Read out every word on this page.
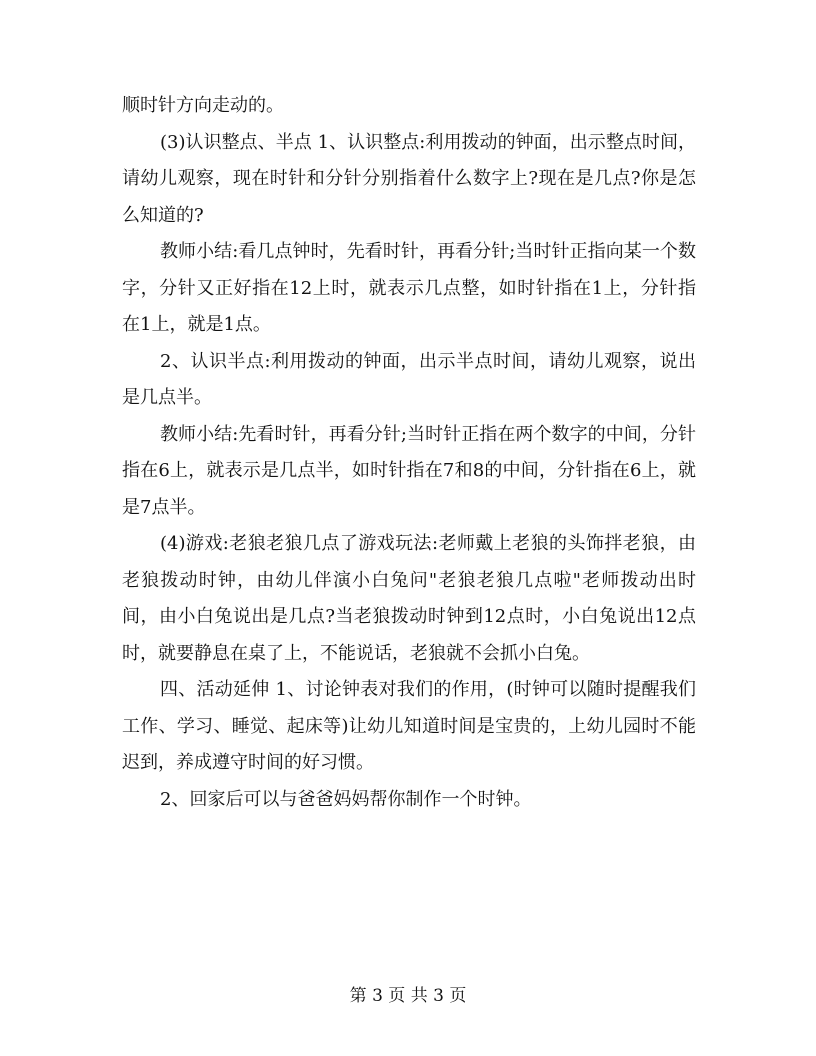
顺时针方向走动的。

(3)认识整点、半点 1、认识整点:利用拨动的钟面，出示整点时间，请幼儿观察，现在时针和分针分别指着什么数字上?现在是几点?你是怎么知道的?

教师小结:看几点钟时，先看时针，再看分针;当时针正指向某一个数字，分针又正好指在12上时，就表示几点整，如时针指在1上，分针指在1上，就是1点。

2、认识半点:利用拨动的钟面，出示半点时间，请幼儿观察，说出是几点半。

教师小结:先看时针，再看分针;当时针正指在两个数字的中间，分针指在6上，就表示是几点半，如时针指在7和8的中间，分针指在6上，就是7点半。

(4)游戏:老狼老狼几点了游戏玩法:老师戴上老狼的头饰拌老狼，由老狼拨动时钟，由幼儿伴演小白兔问"老狼老狼几点啦"老师拨动出时间，由小白兔说出是几点?当老狼拨动时钟到12点时，小白兔说出12点时，就要静息在桌了上，不能说话，老狼就不会抓小白兔。

四、活动延伸 1、讨论钟表对我们的作用，(时钟可以随时提醒我们工作、学习、睡觉、起床等)让幼儿知道时间是宝贵的，上幼儿园时不能迟到，养成遵守时间的好习惯。

2、回家后可以与爸爸妈妈帮你制作一个时钟。

第 3 页 共 3 页
